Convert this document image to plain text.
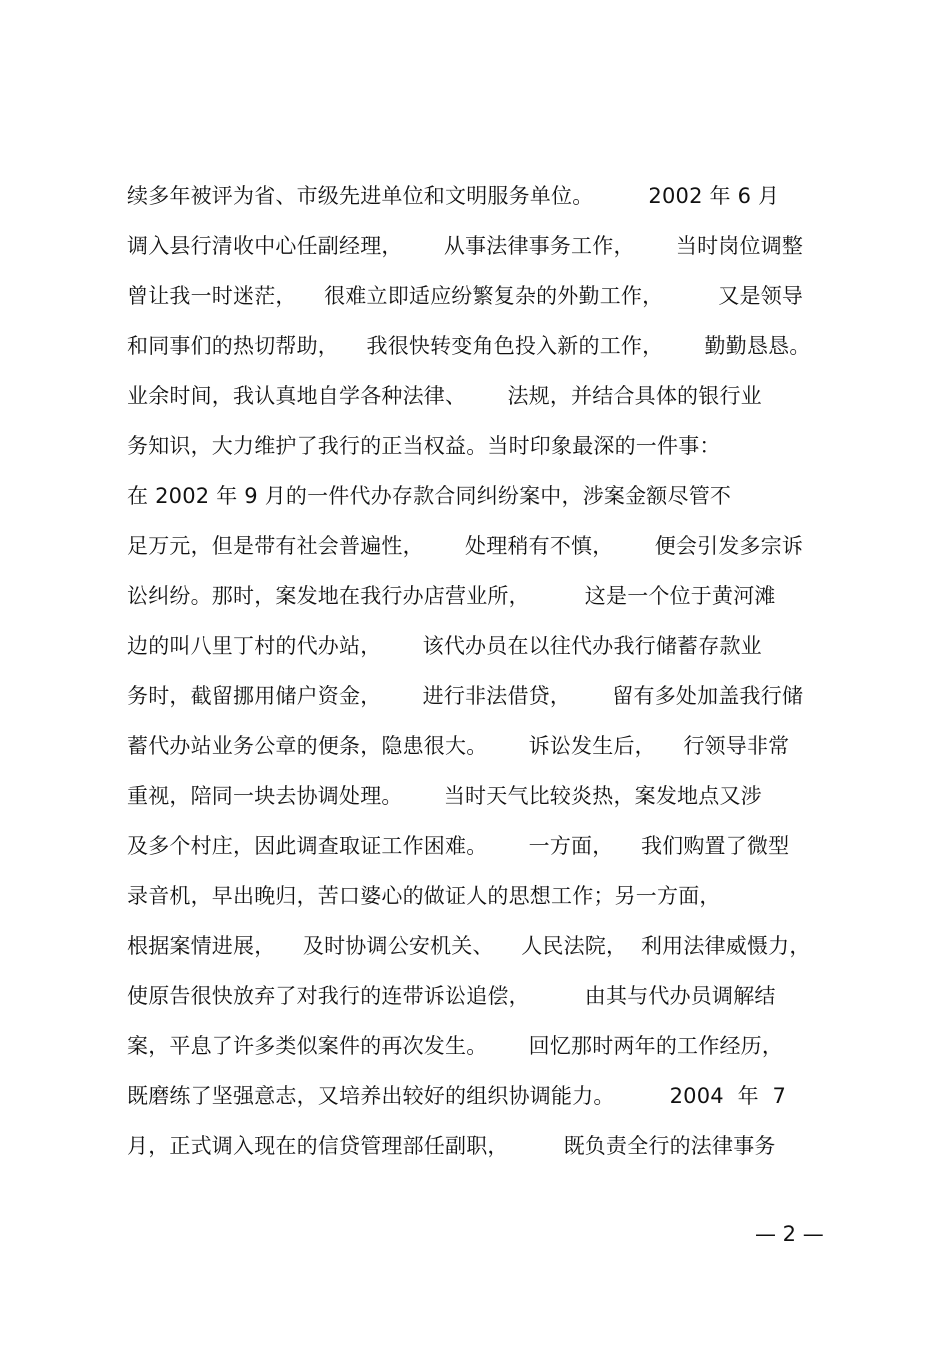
续多年被评为省、市级先进单位和文明服务单位。        2002 年 6 月
调入县行清收中心任副经理，      从事法律事务工作，      当时岗位调整
曾让我一时迷茫，    很难立即适应纷繁复杂的外勤工作，        又是领导
和同事们的热切帮助，    我很快转变角色投入新的工作，      勤勤恳恳。
业余时间，我认真地自学各种法律、      法规，并结合具体的银行业
务知识，大力维护了我行的正当权益。当时印象最深的一件事：
在 2002 年 9 月的一件代办存款合同纠纷案中，涉案金额尽管不
足万元，但是带有社会普遍性，      处理稍有不慎，      便会引发多宗诉
讼纠纷。那时，案发地在我行办店营业所，        这是一个位于黄河滩
边的叫八里丁村的代办站，      该代办员在以往代办我行储蓄存款业
务时，截留挪用储户资金，      进行非法借贷，      留有多处加盖我行储
蓄代办站业务公章的便条，隐患很大。      诉讼发生后，    行领导非常
重视，陪同一块去协调处理。      当时天气比较炎热，案发地点又涉
及多个村庄，因此调查取证工作困难。      一方面，    我们购置了微型
录音机，早出晚归，苦口婆心的做证人的思想工作；另一方面，
根据案情进展，    及时协调公安机关、    人民法院，  利用法律威慑力，
使原告很快放弃了对我行的连带诉讼追偿，        由其与代办员调解结
案，平息了许多类似案件的再次发生。      回忆那时两年的工作经历，
既磨练了坚强意志，又培养出较好的组织协调能力。        2004  年  7
月，正式调入现在的信贷管理部任副职，        既负责全行的法律事务
— 2 —
